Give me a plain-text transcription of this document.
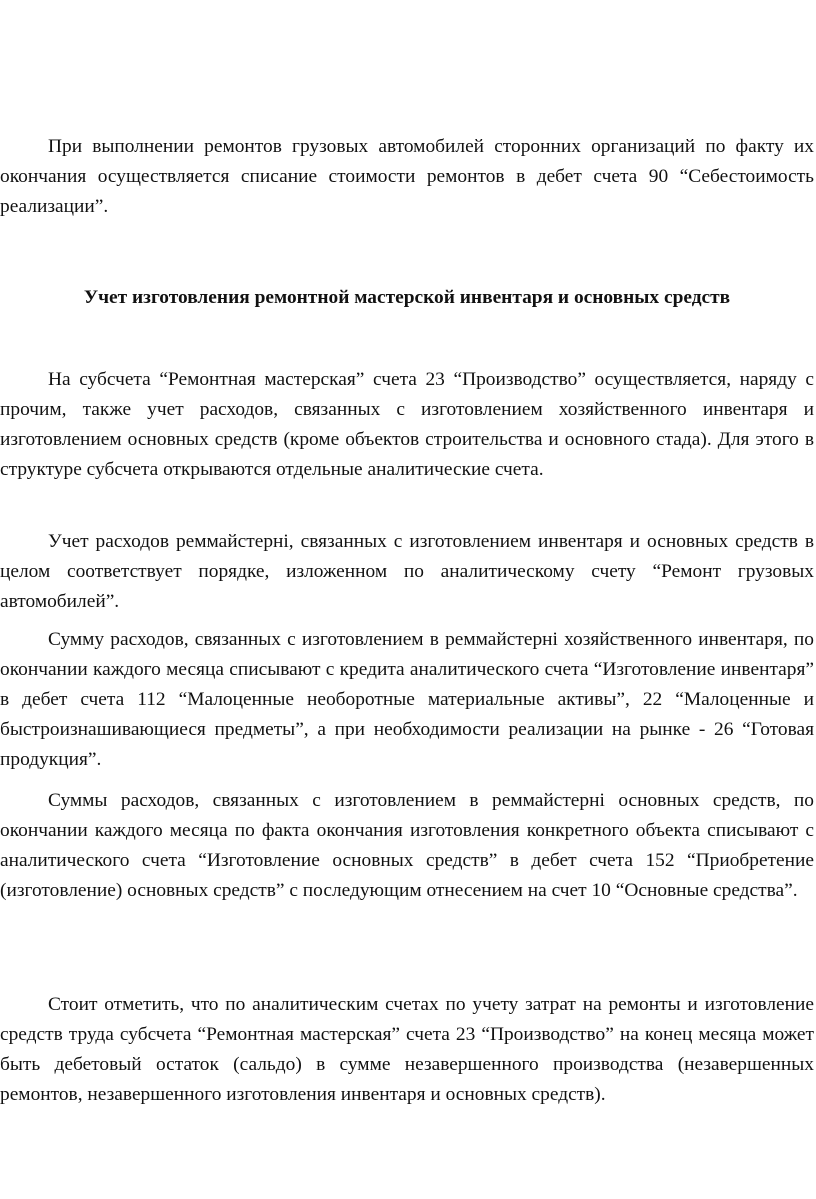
При выполнении ремонтов грузовых автомобилей сторонних организаций по факту их окончания осуществляется списание стоимости ремонтов в дебет счета 90 “Себестоимость реализации”.

Учет изготовления ремонтной мастерской инвентаря и основных средств

На субсчета “Ремонтная мастерская” счета 23 “Производство” осуществляется, наряду с прочим, также учет расходов, связанных с изготовлением хозяйственного инвентаря и изготовлением основных средств (кроме объектов строительства и основного стада). Для этого в структуре субсчета открываются отдельные аналитические счета.

Учет расходов реммайстерні, связанных с изготовлением инвентаря и основных средств в целом соответствует порядке, изложенном по аналитическому счету “Ремонт грузовых автомобилей”.

Сумму расходов, связанных с изготовлением в реммайстерні хозяйственного инвентаря, по окончании каждого месяца списывают с кредита аналитического счета “Изготовление инвентаря” в дебет счета 112 “Малоценные необоротные материальные активы”, 22 “Малоценные и быстроизнашивающиеся предметы”, а при необходимости реализации на рынке - 26 “Готовая продукция”.

Суммы расходов, связанных с изготовлением в реммайстерні основных средств, по окончании каждого месяца по факта окончания изготовления конкретного объекта списывают с аналитического счета “Изготовление основных средств” в дебет счета 152 “Приобретение (изготовление) основных средств” с последующим отнесением на счет 10 “Основные средства”.

Стоит отметить, что по аналитическим счетах по учету затрат на ремонты и изготовление средств труда субсчета “Ремонтная мастерская” счета 23 “Производство” на конец месяца может быть дебетовый остаток (сальдо) в сумме незавершенного производства (незавершенных ремонтов, незавершенного изготовления инвентаря и основных средств).
